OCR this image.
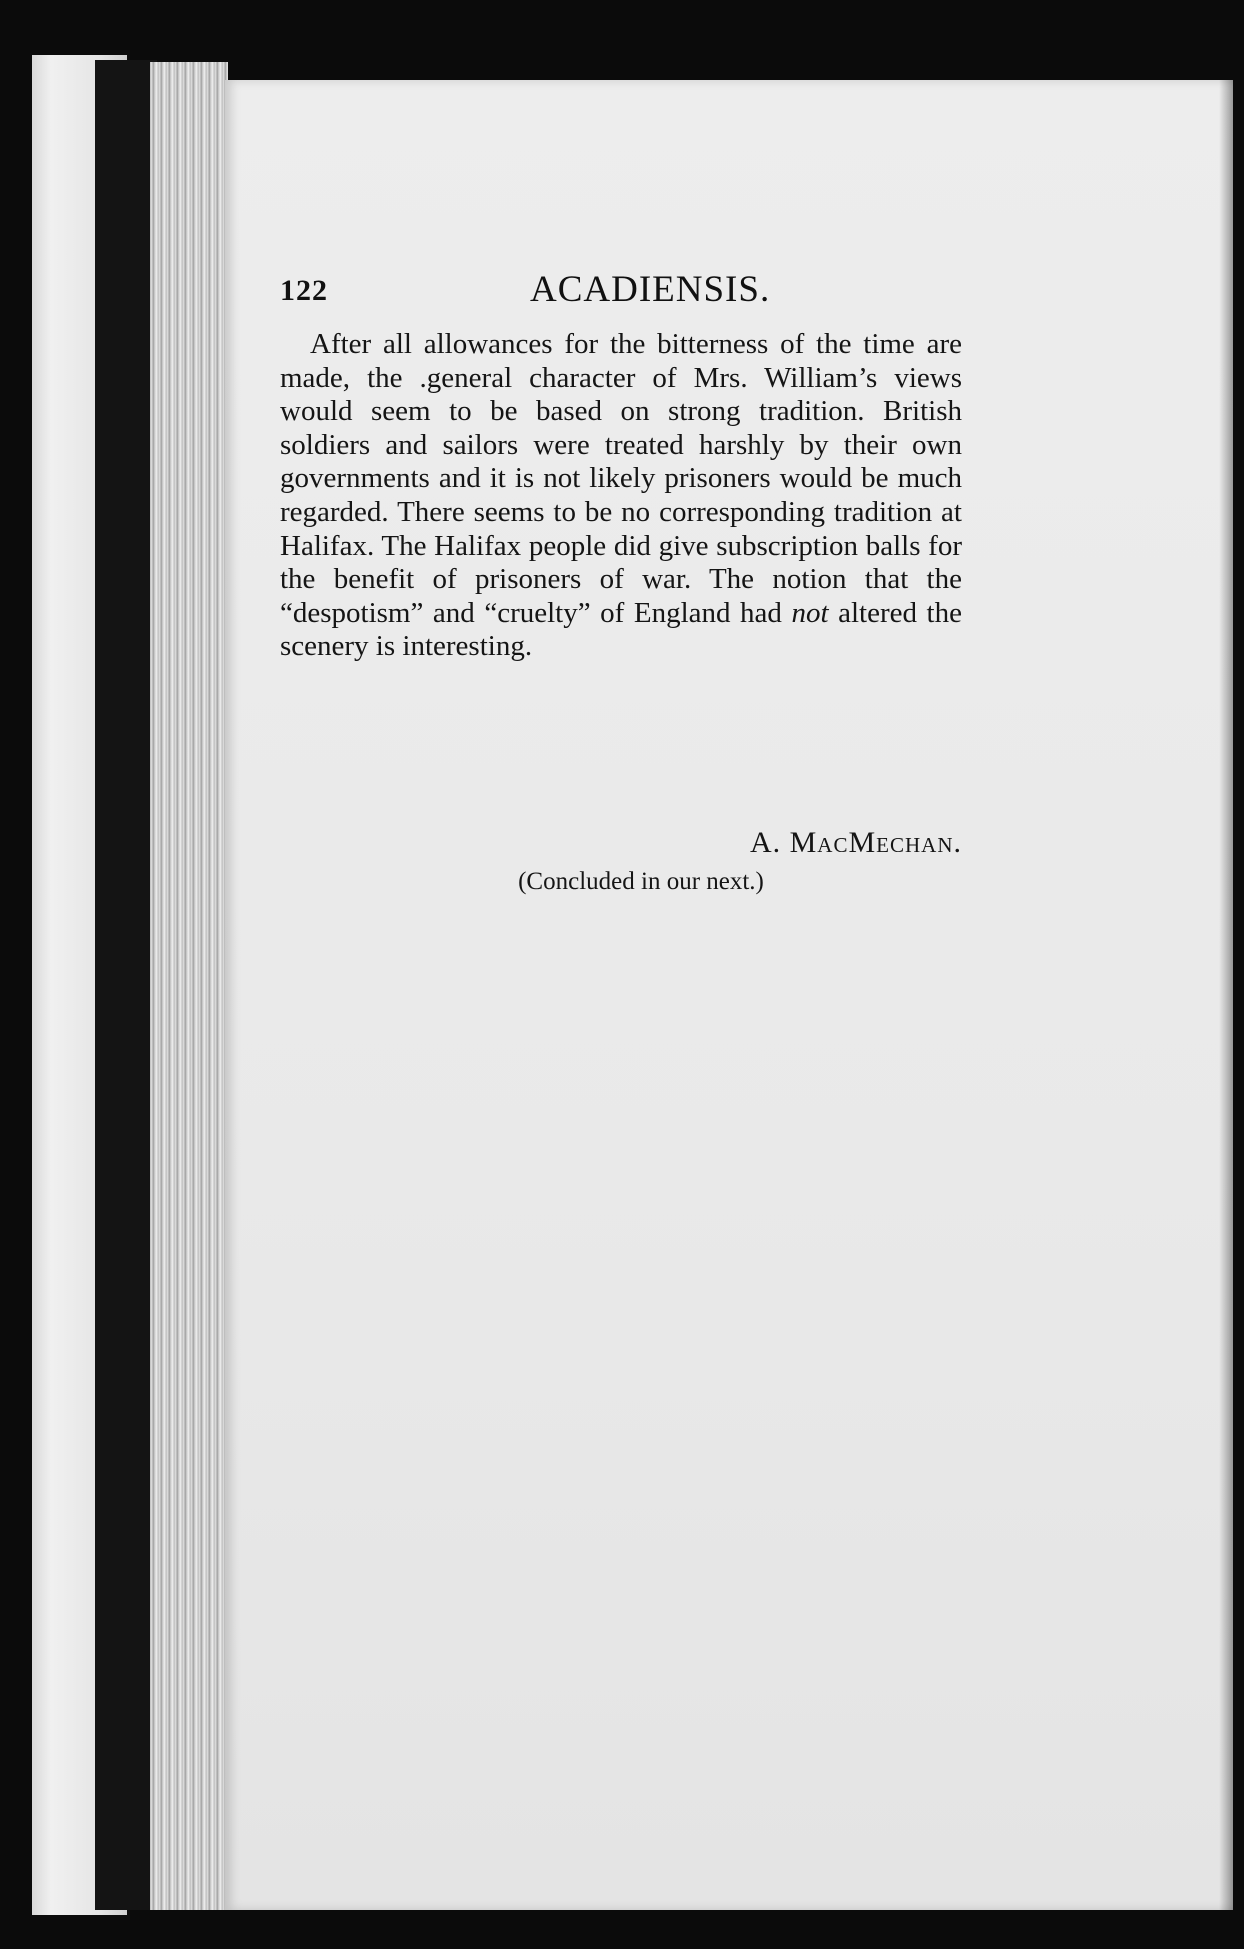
122	ACADIENSIS.

After all allowances for the bitterness of the time are made, the .general character of Mrs. William’s views would seem to be based on strong tradition. British soldiers and sailors were treated harshly by their own governments and it is not likely prisoners would be much regarded. There seems to be no corresponding tradition at Halifax. The Halifax people did give subscription balls for the benefit of prisoners of war. The notion that the “despotism” and “cruelty” of England had not altered the scenery is interesting.

A. MacMechan.
(Concluded in our next.)
